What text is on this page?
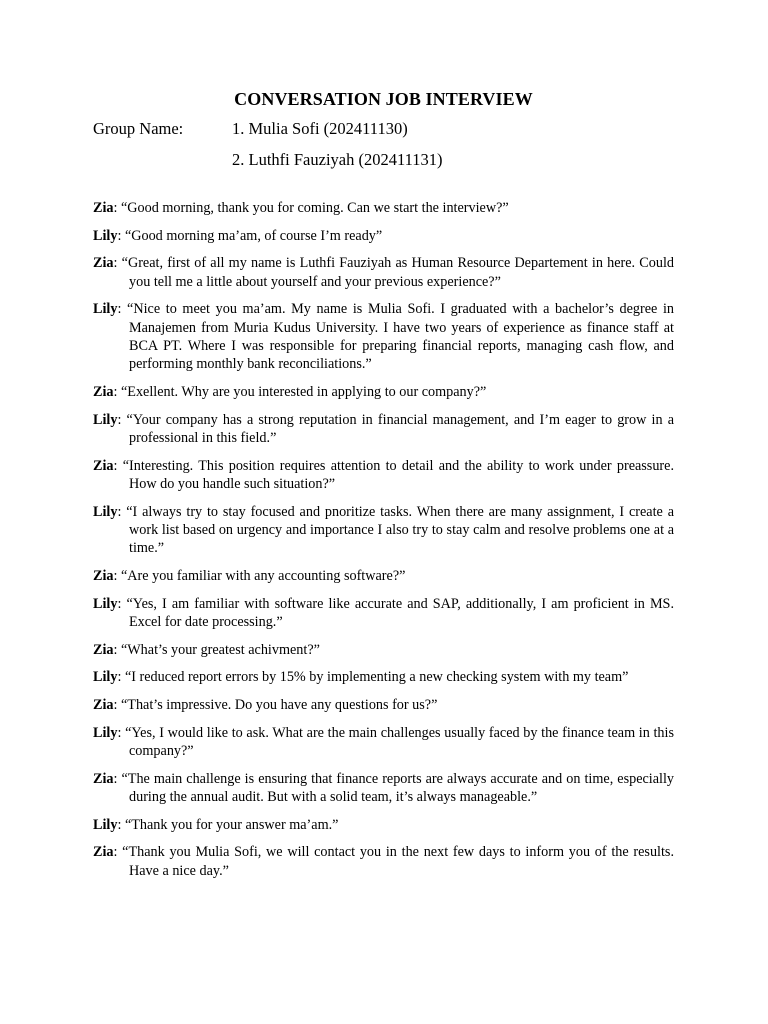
CONVERSATION JOB INTERVIEW
Group Name:	1. Mulia Sofi (202411130)
2. Luthfi Fauziyah (202411131)

Zia: “Good morning, thank you for coming. Can we start the interview?”

Lily: “Good morning ma’am, of course I’m ready”

Zia: “Great, first of all my name is Luthfi Fauziyah as Human Resource Departement in here. Could you tell me a little about yourself and your previous experience?”

Lily: “Nice to meet you ma’am. My name is Mulia Sofi. I graduated with a bachelor’s degree in Manajemen from Muria Kudus University. I have two years of experience as finance staff at BCA PT. Where I was responsible for preparing financial reports, managing cash flow, and performing monthly bank reconciliations.”

Zia: “Exellent. Why are you interested in applying to our company?”

Lily: “Your company has a strong reputation in financial management, and I’m eager to grow in a professional in this field.”

Zia: “Interesting. This position requires attention to detail and the ability to work under preassure. How do you handle such situation?”

Lily: “I always try to stay focused and pnoritize tasks. When there are many assignment, I create a work list based on urgency and importance I also try to stay calm and resolve problems one at a time.”

Zia: “Are you familiar with any accounting software?”

Lily: “Yes, I am familiar with software like accurate and SAP, additionally, I am proficient in MS. Excel for date processing.”

Zia: “What’s your greatest achivment?”

Lily: “I reduced report errors by 15% by implementing a new checking system with my team”

Zia: “That’s impressive. Do you have any questions for us?”

Lily: “Yes, I would like to ask. What are the main challenges usually faced by the finance team in this company?”

Zia: “The main challenge is ensuring that finance reports are always accurate and on time, especially during the annual audit. But with a solid team, it’s always manageable.”

Lily: “Thank you for your answer ma’am.”

Zia: “Thank you Mulia Sofi, we will contact you in the next few days to inform you of the results. Have a nice day.”
